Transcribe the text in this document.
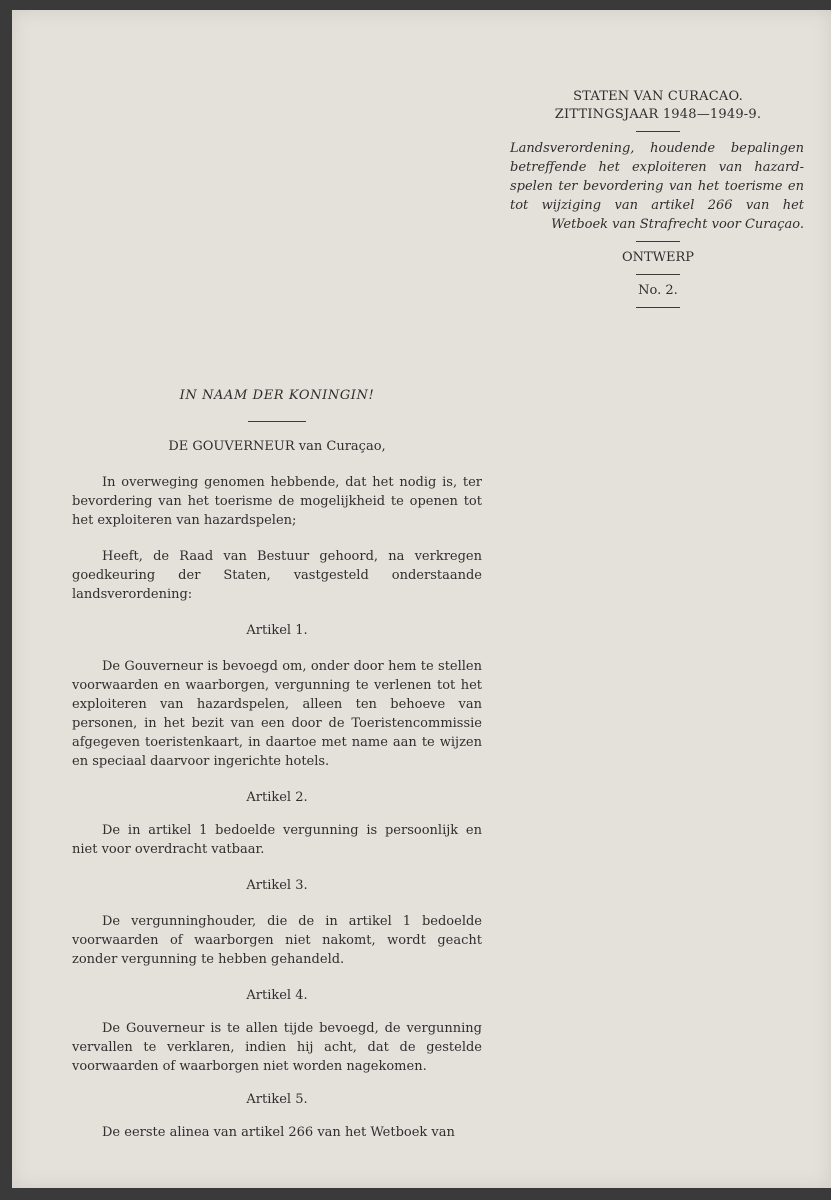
STATEN VAN CURACAO.
ZITTINGSJAAR 1948—1949-9.
Landsverordening, houdende bepalingen betreffende het exploiteren van hazard-spelen ter bevordering van het toerisme en tot wijziging van artikel 266 van het Wetboek van Strafrecht voor Curaçao.
ONTWERP
No. 2.

IN NAAM DER KONINGIN!

DE GOUVERNEUR van Curaçao,

In overweging genomen hebbende, dat het nodig is, ter bevordering van het toerisme de mogelijkheid te openen tot het exploiteren van hazardspelen;

Heeft, de Raad van Bestuur gehoord, na verkregen goedkeuring der Staten, vastgesteld onderstaande landsverordening:

Artikel 1.

De Gouverneur is bevoegd om, onder door hem te stellen voorwaarden en waarborgen, vergunning te verlenen tot het exploiteren van hazardspelen, alleen ten behoeve van personen, in het bezit van een door de Toeristencommissie afgegeven toeristenkaart, in daartoe met name aan te wijzen en speciaal daarvoor ingerichte hotels.

Artikel 2.

De in artikel 1 bedoelde vergunning is persoonlijk en niet voor overdracht vatbaar.

Artikel 3.

De vergunninghouder, die de in artikel 1 bedoelde voorwaarden of waarborgen niet nakomt, wordt geacht zonder vergunning te hebben gehandeld.

Artikel 4.

De Gouverneur is te allen tijde bevoegd, de vergunning vervallen te verklaren, indien hij acht, dat de gestelde voorwaarden of waarborgen niet worden nagekomen.

Artikel 5.

De eerste alinea van artikel 266 van het Wetboek van
